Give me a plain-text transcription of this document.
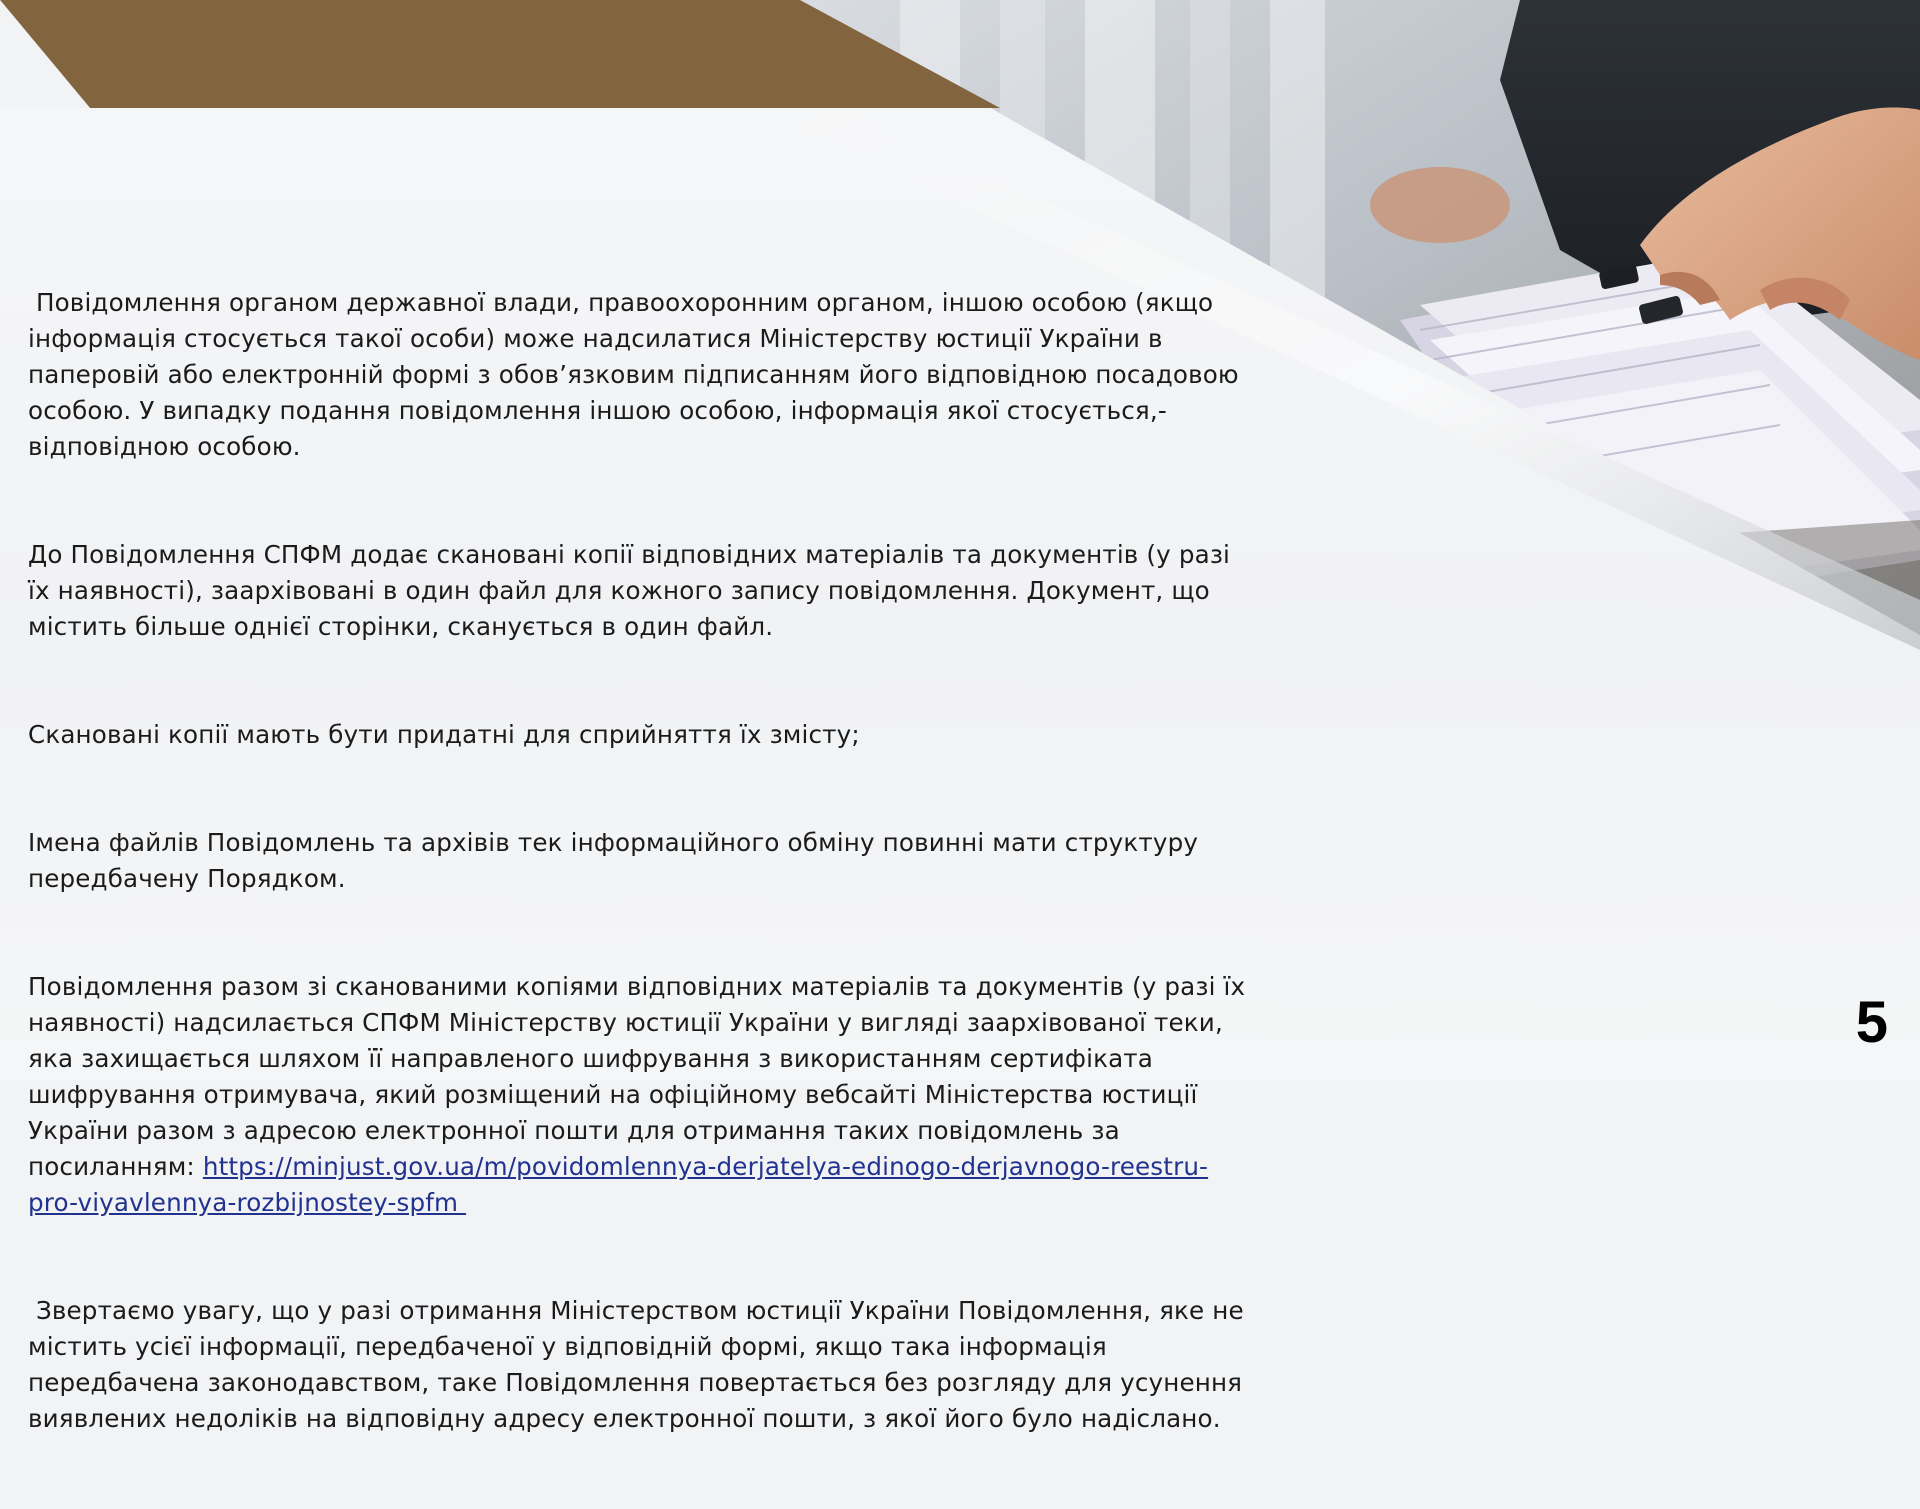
Повідомлення органом державної влади, правоохоронним органом, іншою особою (якщо інформація стосується такої особи) може надсилатися Міністерству юстиції України в паперовій або електронній формі з обов’язковим підписанням його відповідною посадовою особою. У випадку подання повідомлення іншою особою, інформація якої стосується,- відповідною особою.

До Повідомлення СПФМ додає скановані копії відповідних матеріалів та документів (у разі їх наявності), заархівовані в один файл для кожного запису повідомлення. Документ, що містить більше однієї сторінки, сканується в один файл.

Скановані копії мають бути придатні для сприйняття їх змісту;

Імена файлів Повідомлень та архівів тек інформаційного обміну повинні мати структуру передбачену Порядком.

Повідомлення разом зі сканованими копіями відповідних матеріалів та документів (у разі їх наявності) надсилається СПФМ Міністерству юстиції України у вигляді заархівованої теки, яка захищається шляхом її направленого шифрування з використанням сертифіката шифрування отримувача, який розміщений на офіційному вебсайті Міністерства юстиції України разом з адресою електронної пошти для отримання таких повідомлень за посиланням: https://minjust.gov.ua/m/povidomlennya-derjatelya-edinogo-derjavnogo-reestru-pro-viyavlennya-rozbijnostey-spfm

Звертаємо увагу, що у разі отримання Міністерством юстиції України Повідомлення, яке не містить усієї інформації, передбаченої у відповідній формі, якщо така інформація передбачена законодавством, таке Повідомлення повертається без розгляду для усунення виявлених недоліків на відповідну адресу електронної пошти, з якої його було надіслано.

5
